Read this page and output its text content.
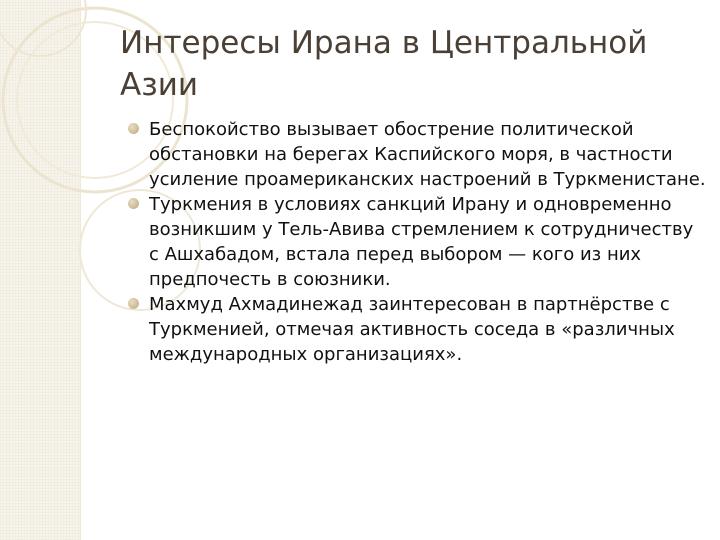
Интересы Ирана в Центральной Азии
Беспокойство вызывает обострение политической обстановки на берегах Каспийского моря, в частности усиление проамериканских настроений в Туркменистане.
Туркмения в условиях санкций Ирану и одновременно возникшим у Тель-Авива стремлением к сотрудничеству с Ашхабадом, встала перед выбором — кого из них предпочесть в союзники.
Махмуд Ахмадинежад заинтересован в партнёрстве с Туркменией, отмечая активность соседа в «различных международных организациях».
